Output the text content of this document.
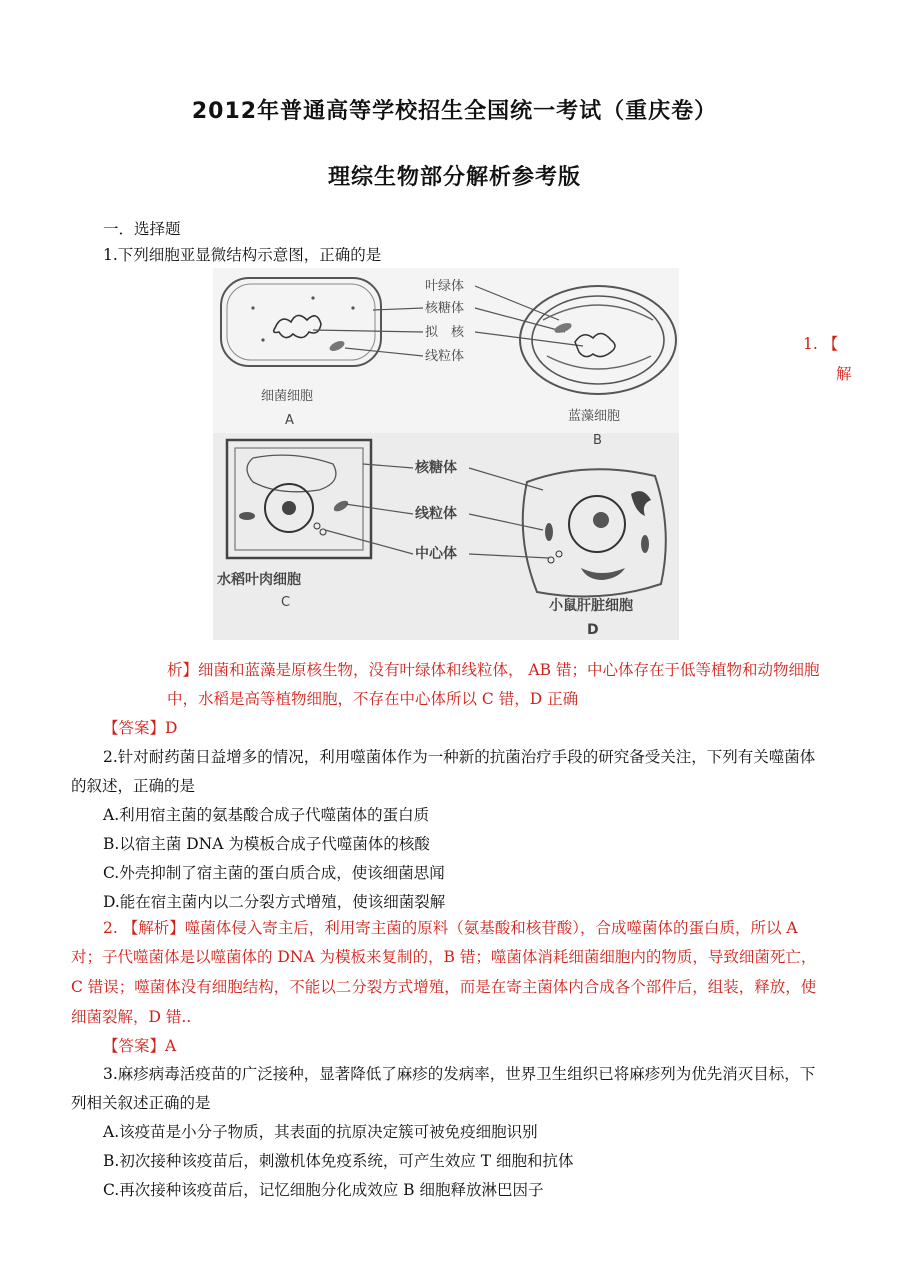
2012年普通高等学校招生全国统一考试（重庆卷）
理综生物部分解析参考版
一．选择题
1.下列细胞亚显微结构示意图，正确的是
细菌细胞
A
叶绿体
核糖体
拟　核
线粒体
蓝藻细胞
B
水稻叶肉细胞
C
核糖体
线粒体
中心体
小鼠肝脏细胞
D
1. 【
解
析】细菌和蓝藻是原核生物，没有叶绿体和线粒体， AB 错；中心体存在于低等植物和动物细胞
中，水稻是高等植物细胞，不存在中心体所以 C 错，D 正确
【答案】D
2.针对耐药菌日益增多的情况，利用噬菌体作为一种新的抗菌治疗手段的研究备受关注，下列有关噬菌体
的叙述，正确的是
A.利用宿主菌的氨基酸合成子代噬菌体的蛋白质
B.以宿主菌 DNA 为模板合成子代噬菌体的核酸
C.外壳抑制了宿主菌的蛋白质合成，使该细菌思闻
D.能在宿主菌内以二分裂方式增殖，使该细菌裂解
2. 【解析】噬菌体侵入寄主后，利用寄主菌的原料（氨基酸和核苷酸），合成噬菌体的蛋白质，所以 A
对；子代噬菌体是以噬菌体的 DNA 为模板来复制的，B 错；噬菌体消耗细菌细胞内的物质，导致细菌死亡，
C 错误；噬菌体没有细胞结构，不能以二分裂方式增殖，而是在寄主菌体内合成各个部件后，组装，释放，使
细菌裂解，D 错..
【答案】A
3.麻疹病毒活疫苗的广泛接种，显著降低了麻疹的发病率，世界卫生组织已将麻疹列为优先消灭目标，下
列相关叙述正确的是
A.该疫苗是小分子物质，其表面的抗原决定簇可被免疫细胞识别
B.初次接种该疫苗后，刺激机体免疫系统，可产生效应 T 细胞和抗体
C.再次接种该疫苗后，记忆细胞分化成效应 B 细胞释放淋巴因子
